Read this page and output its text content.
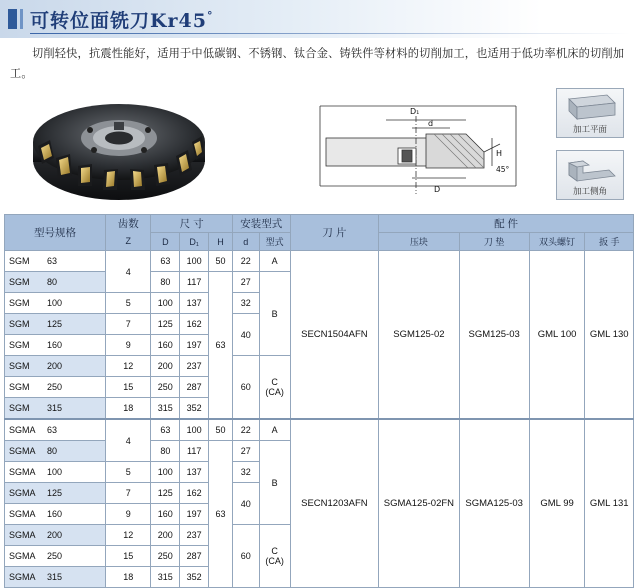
可转位面铣刀Kr45°
切削轻快，抗震性能好，适用于中低碳钢、不锈钢、钛合金、铸铁件等材料的切削加工，也适用于低功率机床的切削加工。
D₁
d
D
H
45°
加工平面
加工侧角
型号规格	齿数	尺 寸			安装型式		刀 片	配 件			
	Z	D	D₁	H	d	型式		压块	刀 垫	双头螺钉	扳 手
SGM 63	4	63	100	50	22	A	SECN1504AFN	SGM125-02	SGM125-03	GML 100	GML 130
SGM 80		80	117	63	27	B					
SGM 100	5	100	137		32						
SGM 125	7	125	162		40						
SGM 160	9	160	197								
SGM 200	12	200	237		60	C
(CA)					

SGM 250	15	250	287								
SGM 315	18	315	352								
SGMA 63	4	63	100	50	22	A	SECN1203AFN	SGMA125-02FN	SGMA125-03	GML 99	GML 131
SGMA 80		80	117	63	27	B					
SGMA 100	5	100	137		32						
SGMA 125	7	125	162		40						
SGMA 160	9	160	197								
SGMA 200	12	200	237		60	C
(CA)					

SGMA 250	15	250	287								
SGMA 315	18	315	352								
